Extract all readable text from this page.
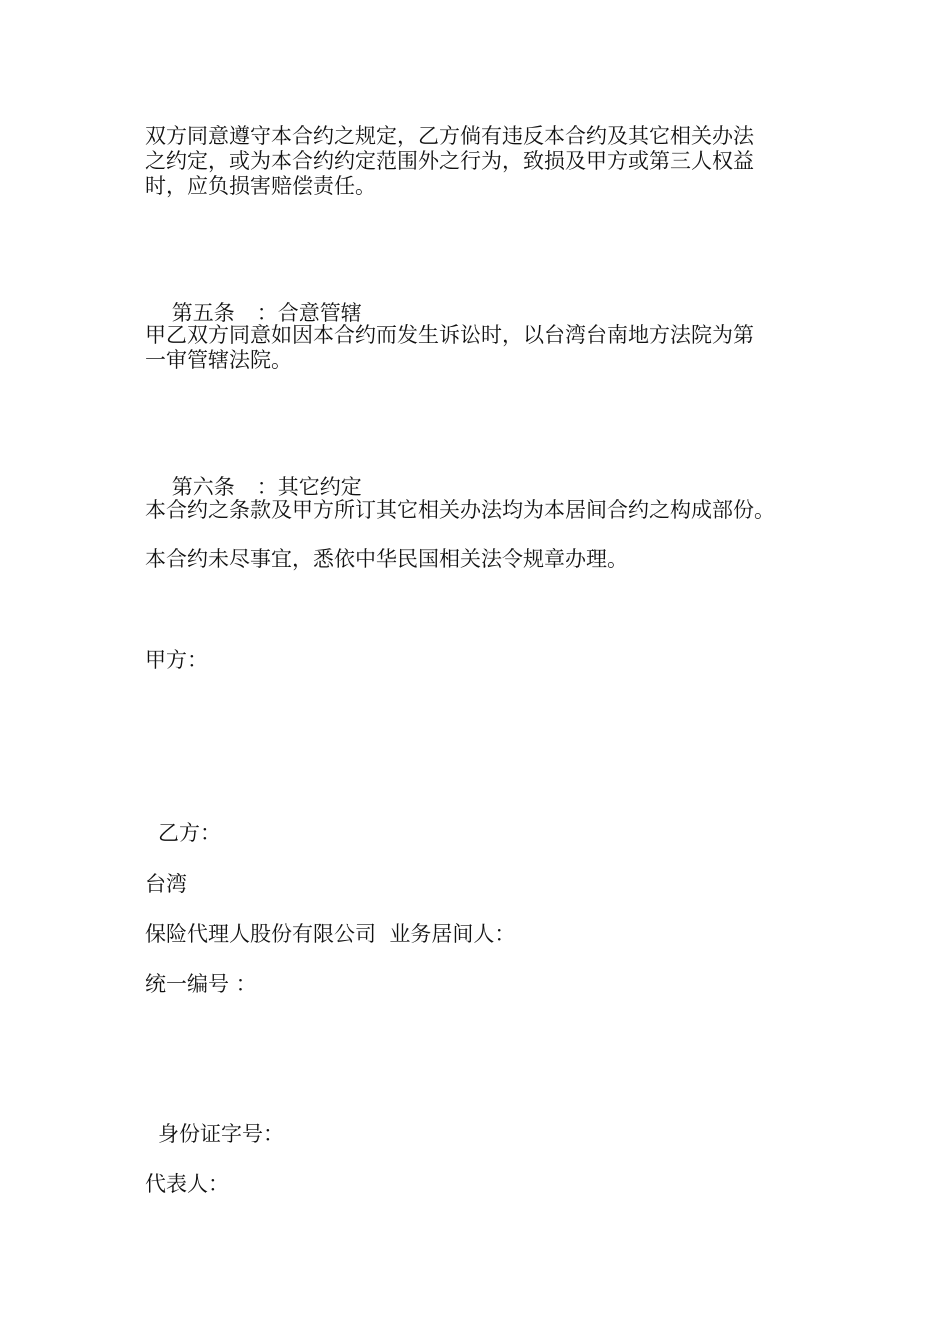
双方同意遵守本合约之规定，乙方倘有违反本合约及其它相关办法
之约定，或为本合约约定范围外之行为，致损及甲方或第三人权益
时，应负损害赔偿责任。

第五条 ：合意管辖

甲乙双方同意如因本合约而发生诉讼时，以台湾台南地方法院为第
一审管辖法院。

第六条 ：其它约定

本合约之条款及甲方所订其它相关办法均为本居间合约之构成部份。
本合约未尽事宜，悉依中华民国相关法令规章办理。
甲方：
乙方：
台湾
保险代理人股份有限公司  业务居间人：
统一编号 ：
身份证字号：
代表人：
